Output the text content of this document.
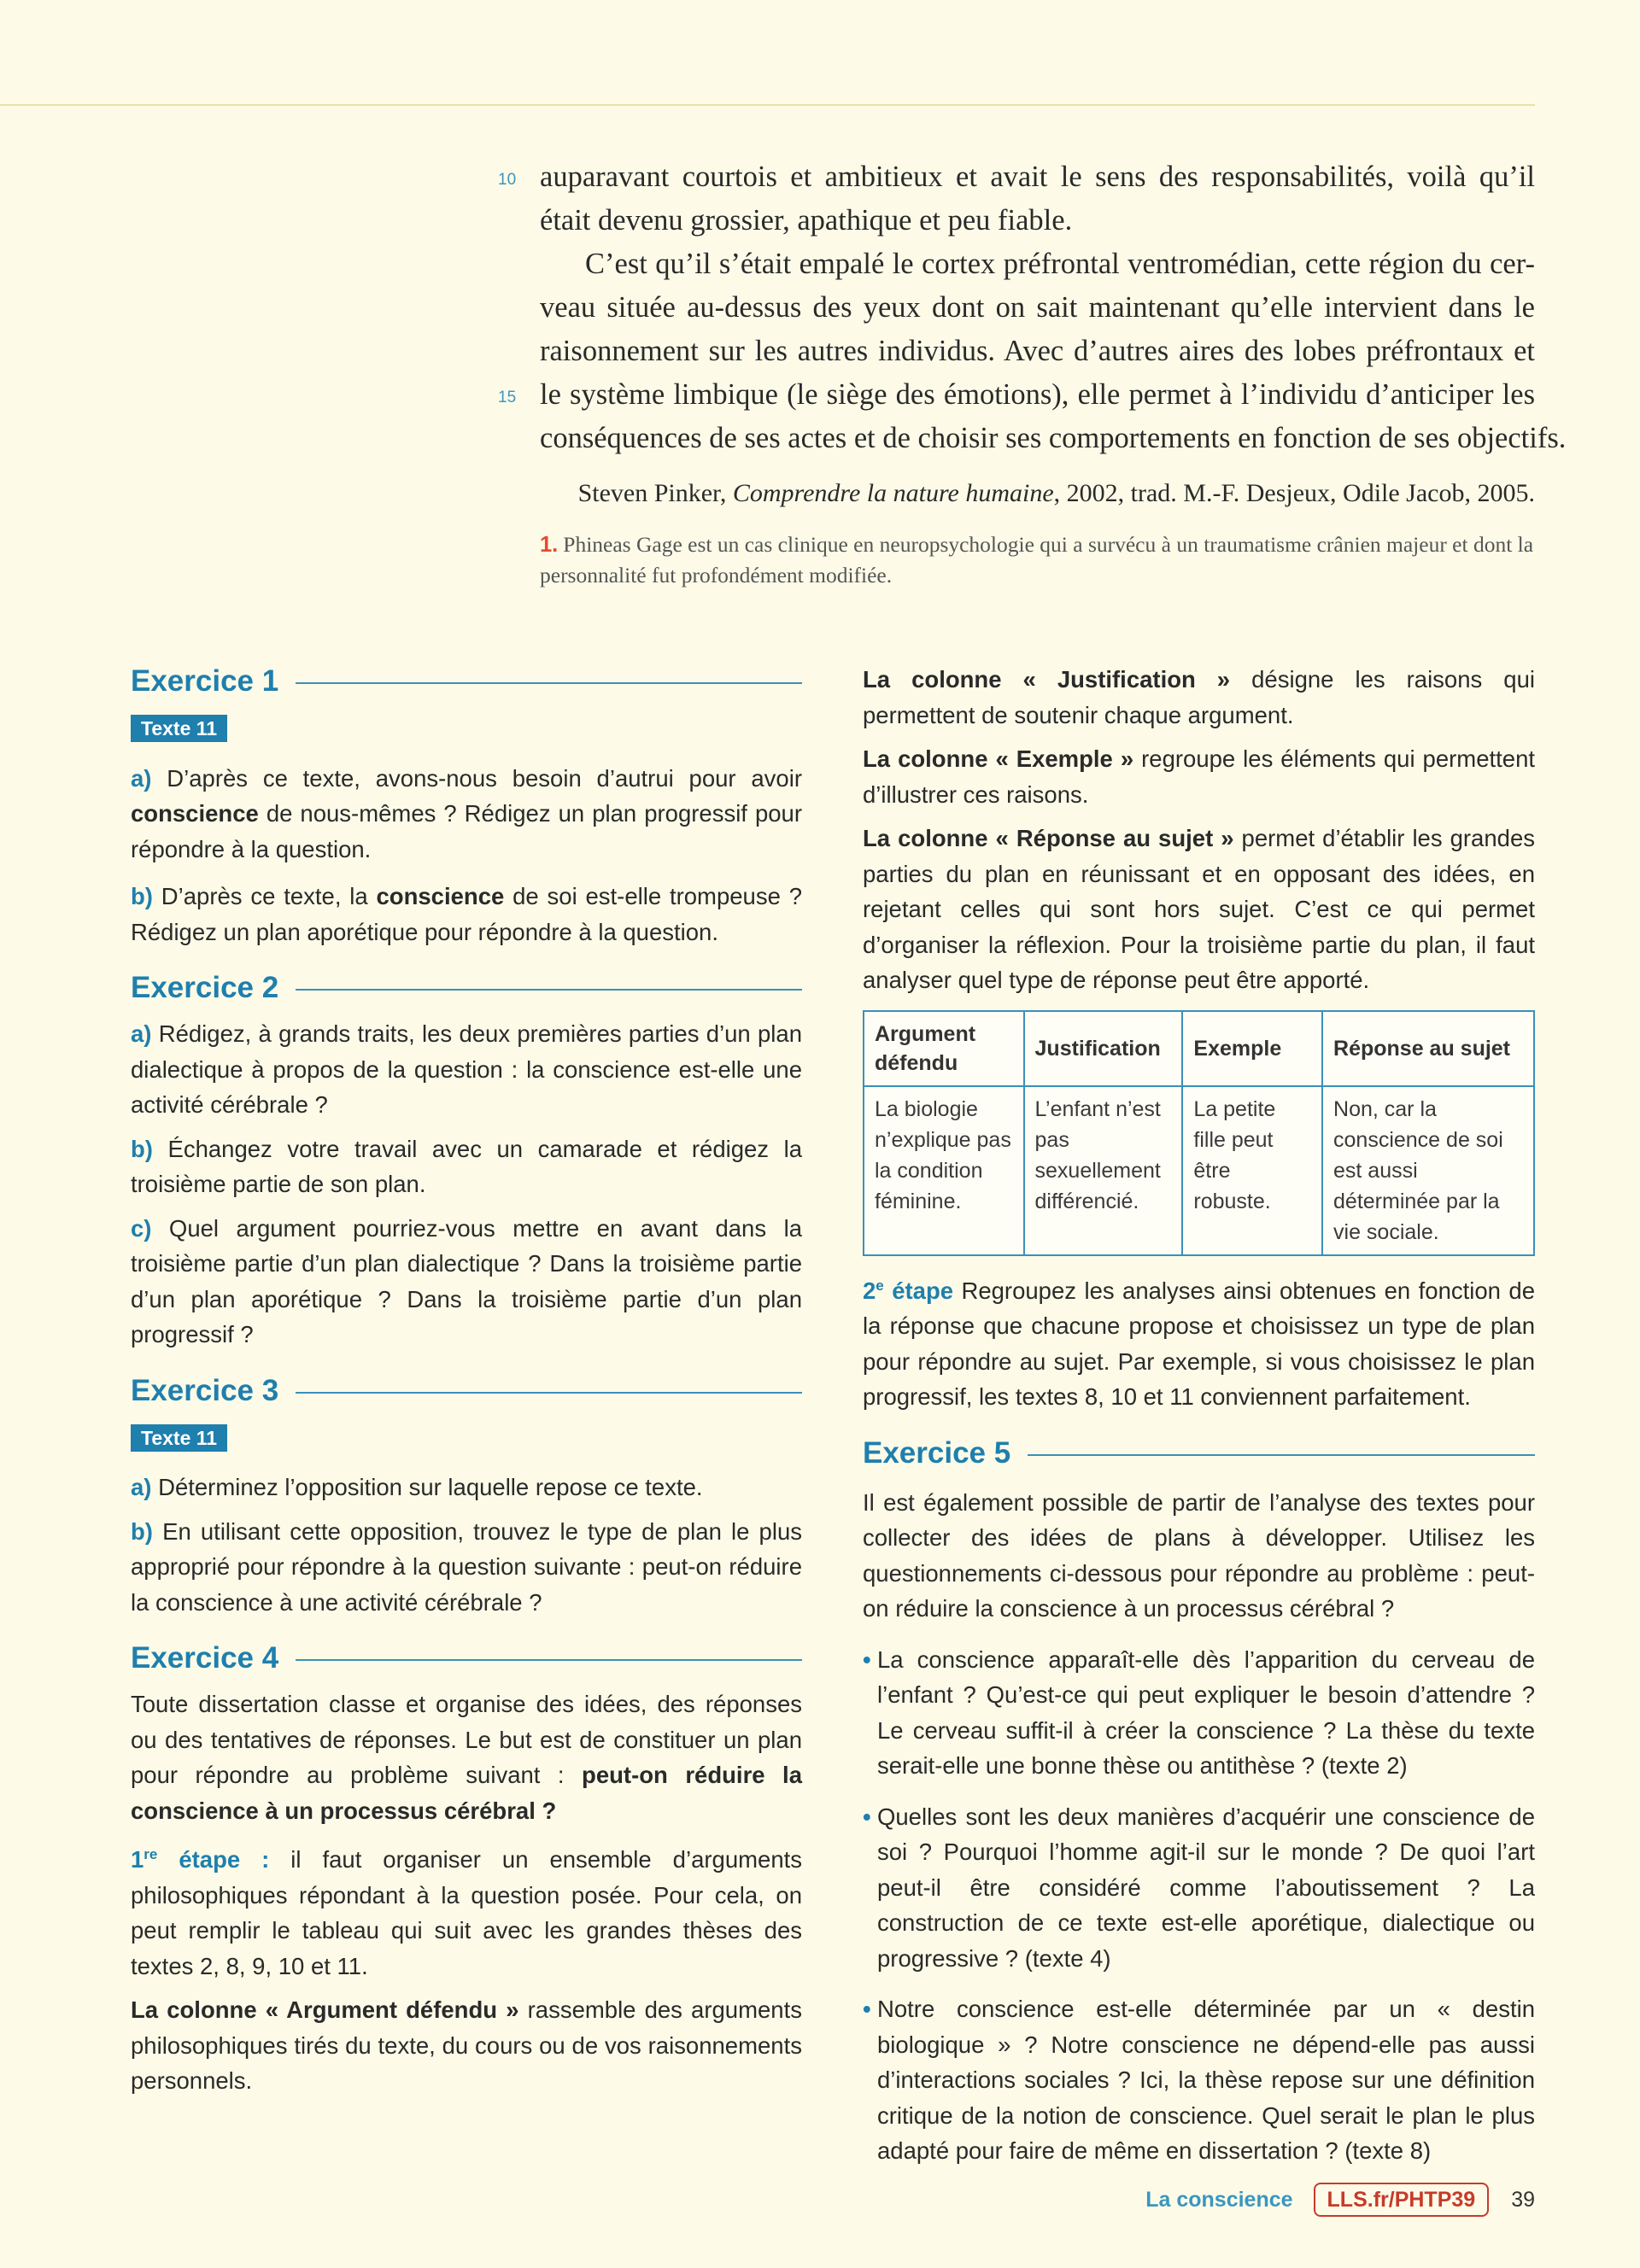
10 auparavant courtois et ambitieux et avait le sens des responsabilités, voilà qu’il
était devenu grossier, apathique et peu fiable.
C’est qu’il s’était empalé le cortex préfrontal ventromédian, cette région du cer-
veau située au-dessus des yeux dont on sait maintenant qu’elle intervient dans le
raisonnement sur les autres individus. Avec d’autres aires des lobes préfrontaux et
15 le système limbique (le siège des émotions), elle permet à l’individu d’anticiper les
conséquences de ses actes et de choisir ses comportements en fonction de ses objectifs.
Steven Pinker, Comprendre la nature humaine, 2002, trad. M.-F. Desjeux, Odile Jacob, 2005.
1. Phineas Gage est un cas clinique en neuropsychologie qui a survécu à un traumatisme crânien majeur et dont la personnalité fut profondément modifiée.
Exercice 1
Texte 11

a) D’après ce texte, avons-nous besoin d’autrui pour avoir conscience de nous-mêmes ? Rédigez un plan progressif pour répondre à la question.

b) D’après ce texte, la conscience de soi est-elle trompeuse ? Rédigez un plan aporétique pour répondre à la question.

Exercice 2

a) Rédigez, à grands traits, les deux premières parties d’un plan dialectique à propos de la question : la conscience est-elle une activité cérébrale ?

b) Échangez votre travail avec un camarade et rédigez la troisième partie de son plan.

c) Quel argument pourriez-vous mettre en avant dans la troisième partie d’un plan dialectique ? Dans la troisième partie d’un plan aporétique ? Dans la troisième partie d’un plan progressif ?

Exercice 3
Texte 11

a) Déterminez l’opposition sur laquelle repose ce texte.

b) En utilisant cette opposition, trouvez le type de plan le plus approprié pour répondre à la question suivante : peut-on réduire la conscience à une activité cérébrale ?

Exercice 4

Toute dissertation classe et organise des idées, des réponses ou des tentatives de réponses. Le but est de constituer un plan pour répondre au problème suivant : peut-on réduire la conscience à un processus cérébral ?

1re étape : il faut organiser un ensemble d’arguments philosophiques répondant à la question posée. Pour cela, on peut remplir le tableau qui suit avec les grandes thèses des textes 2, 8, 9, 10 et 11.

La colonne « Argument défendu » rassemble des arguments philosophiques tirés du texte, du cours ou de vos raisonnements personnels.

La colonne « Justification » désigne les raisons qui permettent de soutenir chaque argument.

La colonne « Exemple » regroupe les éléments qui permettent d’illustrer ces raisons.

La colonne « Réponse au sujet » permet d’établir les grandes parties du plan en réunissant et en opposant des idées, en rejetant celles qui sont hors sujet. C’est ce qui permet d’organiser la réflexion. Pour la troisième partie du plan, il faut analyser quel type de réponse peut être apporté.

Argument défendu	Justification	Exemple	Réponse au sujet
La biologie n’explique pas la condition féminine.	L’enfant n’est pas sexuellement différencié.	La petite fille peut être robuste.	Non, car la conscience de soi est aussi déterminée par la vie sociale.

2e étape Regroupez les analyses ainsi obtenues en fonction de la réponse que chacune propose et choisissez un type de plan pour répondre au sujet. Par exemple, si vous choisissez le plan progressif, les textes 8, 10 et 11 conviennent parfaitement.

Exercice 5

Il est également possible de partir de l’analyse des textes pour collecter des idées de plans à développer. Utilisez les questionnements ci-dessous pour répondre au problème : peut-on réduire la conscience à un processus cérébral ?

• La conscience apparaît-elle dès l’apparition du cerveau de l’enfant ? Qu’est-ce qui peut expliquer le besoin d’attendre ? Le cerveau suffit-il à créer la conscience ? La thèse du texte serait-elle une bonne thèse ou antithèse ? (texte 2)

• Quelles sont les deux manières d’acquérir une conscience de soi ? Pourquoi l’homme agit-il sur le monde ? De quoi l’art peut-il être considéré comme l’aboutissement ? La construction de ce texte est-elle aporétique, dialectique ou progressive ? (texte 4)

• Notre conscience est-elle déterminée par un « destin biologique » ? Notre conscience ne dépend-elle pas aussi d’interactions sociales ? Ici, la thèse repose sur une définition critique de la notion de conscience. Quel serait le plan le plus adapté pour faire de même en dissertation ? (texte 8)

La conscience	LLS.fr/PHTP39	39
